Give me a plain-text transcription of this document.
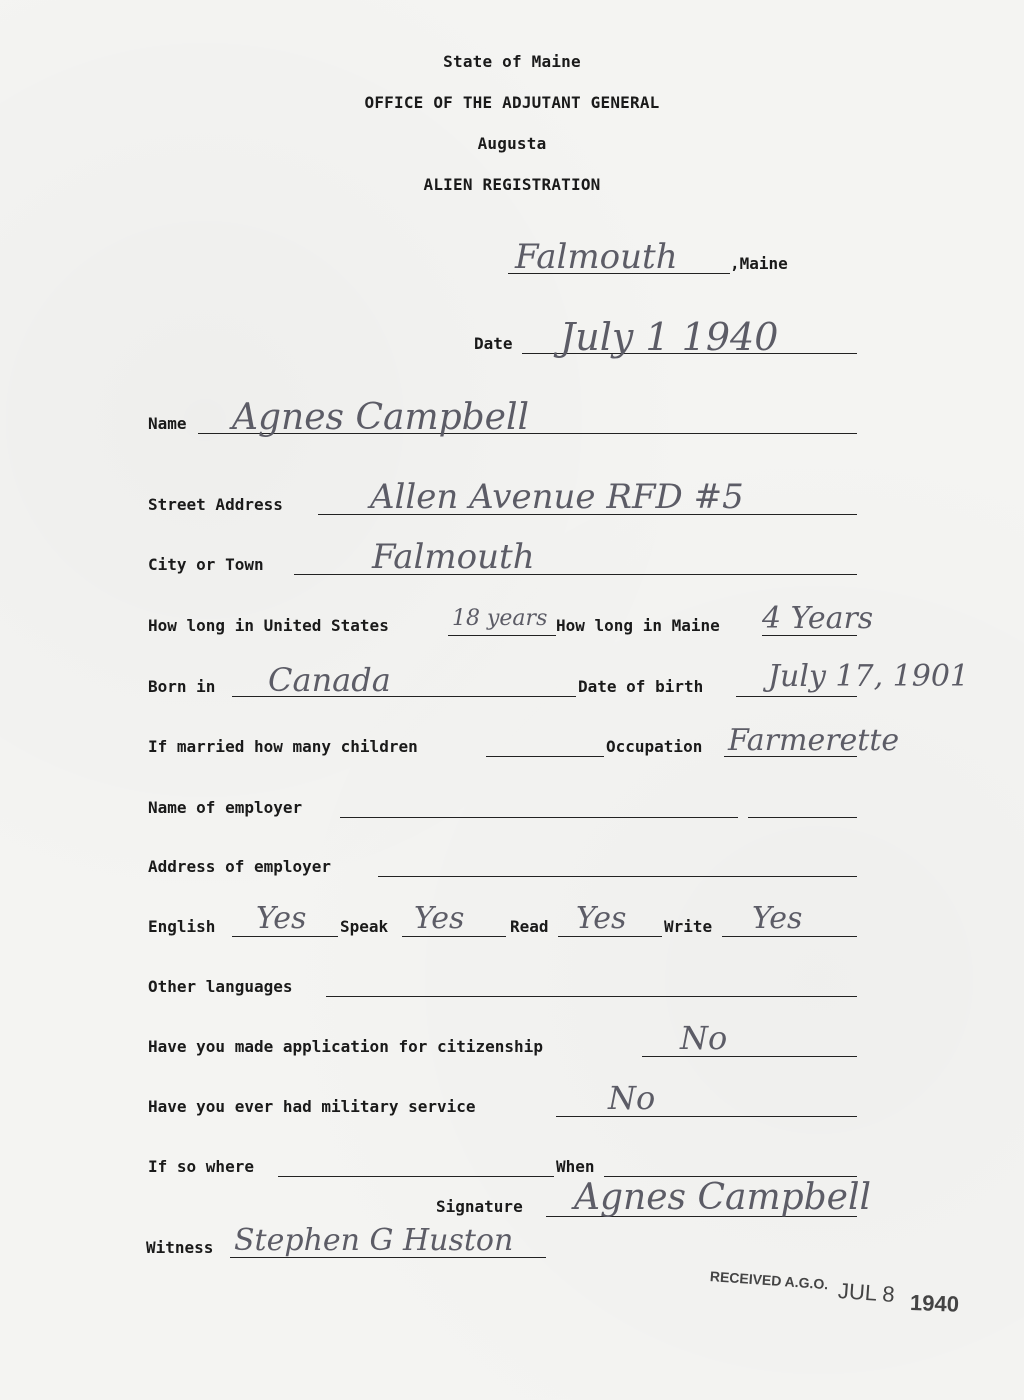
State of Maine
OFFICE OF THE ADJUTANT GENERAL
Augusta
ALIEN REGISTRATION
Falmouth	,Maine
Date July 1 1940
Name Agnes Campbell
Street Address	Allen Avenue RFD #5
City or Town	Falmouth
How long in United States	18 years How long in Maine 4 Years
Born in Canada	Date of birth July 17, 1901
If married how many children	Occupation Farmerette
Name of employer
Address of employer
English Yes Speak Yes	Read Yes Write Yes
Other languages
Have you made application for citizenship	No
Have you ever had military service	No
If so where	When
Signature Agnes Campbell
Witness Stephen G Huston
RECEIVED A.G.O. JUL 8 1940
